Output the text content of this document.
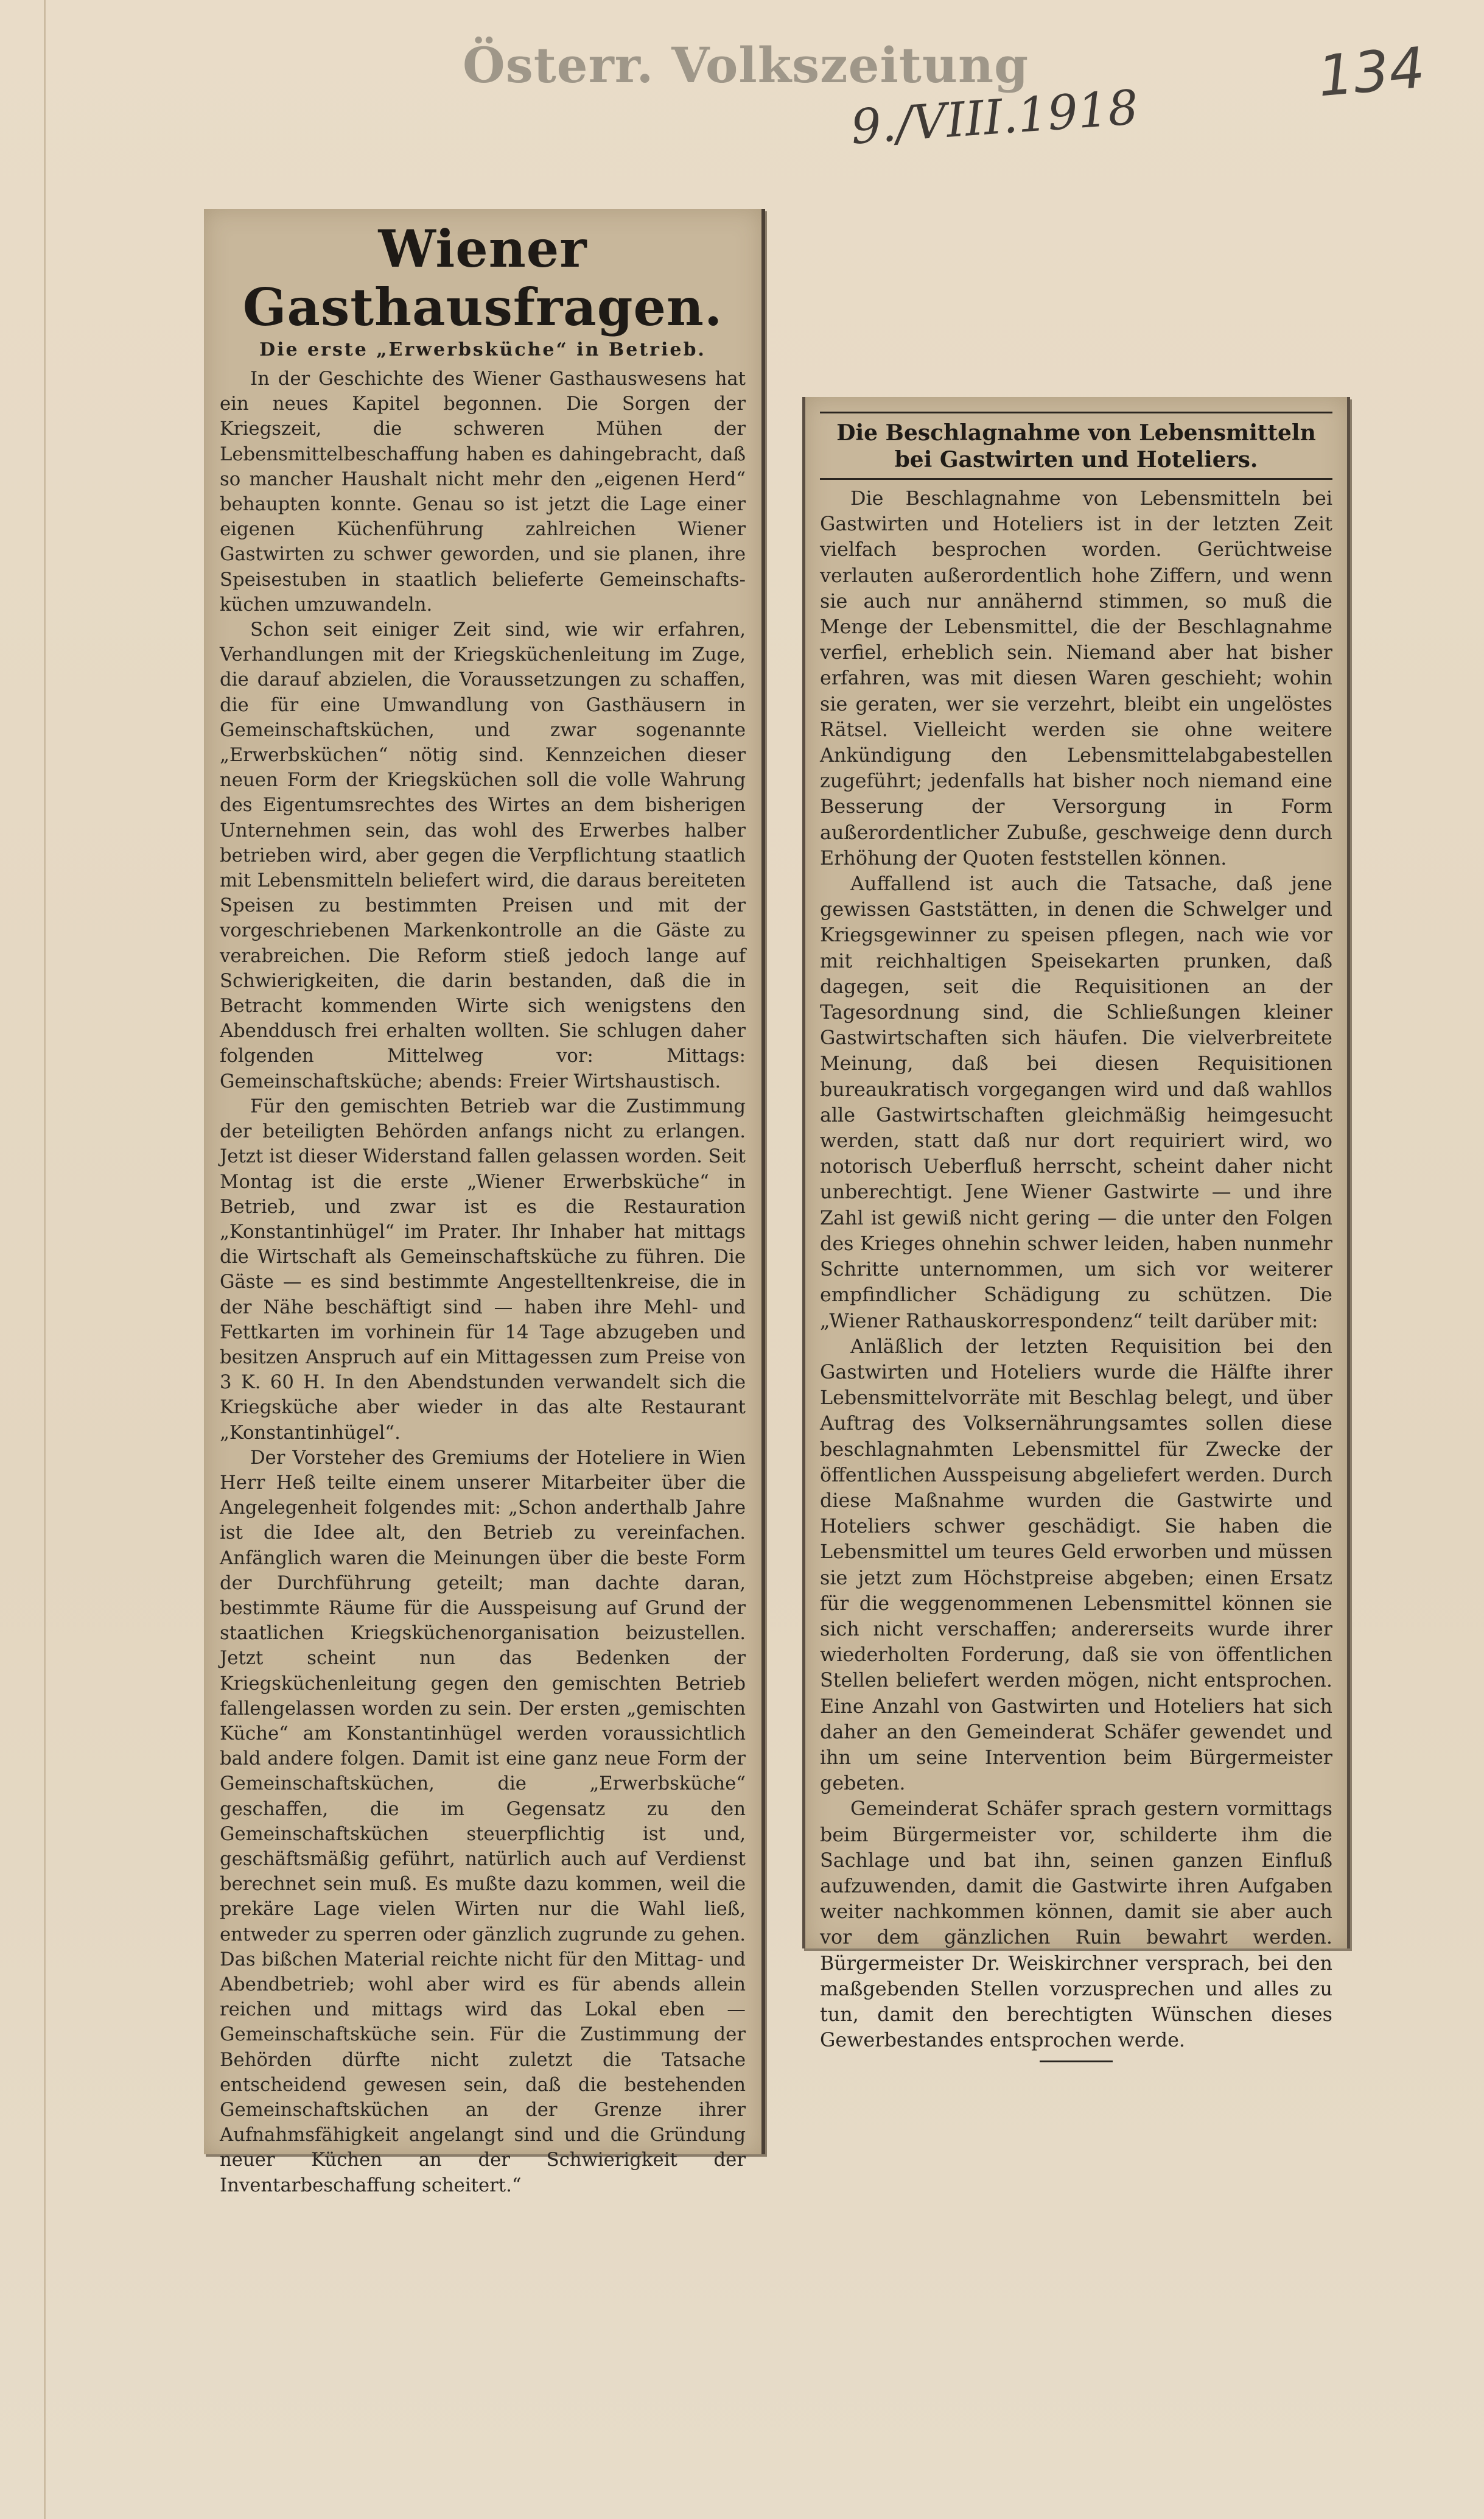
Österr. Volkszeitung
9./VIII.1918
134
Wiener Gasthausfragen.
Die erste „Erwerbsküche“ in Betrieb.

In der Geschichte des Wiener Gasthauswesens hat ein neues Kapitel begonnen. Die Sorgen der Kriegszeit, die schweren Mühen der Lebensmittelbeschaffung haben es dahingebracht, daß so mancher Haushalt nicht mehr den „eigenen Herd“ behaupten konnte. Genau so ist jetzt die Lage einer eigenen Küchenführung zahlreichen Wiener Gastwirten zu schwer geworden, und sie planen, ihre Speisestuben in staatlich belieferte Gemeinschaftsküchen umzuwandeln.

Schon seit einiger Zeit sind, wie wir erfahren, Verhandlungen mit der Kriegsküchenleitung im Zuge, die darauf abzielen, die Voraussetzungen zu schaffen, die für eine Umwandlung von Gasthäusern in Gemeinschaftsküchen, und zwar sogenannte „Erwerbsküchen“ nötig sind. Kennzeichen dieser neuen Form der Kriegsküchen soll die volle Wahrung des Eigentumsrechtes des Wirtes an dem bisherigen Unternehmen sein, das wohl des Erwerbes halber betrieben wird, aber gegen die Verpflichtung staatlich mit Lebensmitteln beliefert wird, die daraus bereiteten Speisen zu bestimmten Preisen und mit der vorgeschriebenen Markenkontrolle an die Gäste zu verabreichen. Die Reform stieß jedoch lange auf Schwierigkeiten, die darin bestanden, daß die in Betracht kommenden Wirte sich wenigstens den Abenddusch frei erhalten wollten. Sie schlugen daher folgenden Mittelweg vor: Mittags: Gemeinschaftsküche; abends: Freier Wirtshaustisch.

Für den gemischten Betrieb war die Zustimmung der beteiligten Behörden anfangs nicht zu erlangen. Jetzt ist dieser Widerstand fallen gelassen worden. Seit Montag ist die erste „Wiener Erwerbsküche“ in Betrieb, und zwar ist es die Restauration „Konstantinhügel“ im Prater. Ihr Inhaber hat mittags die Wirtschaft als Gemeinschaftsküche zu führen. Die Gäste — es sind bestimmte Angestelltenkreise, die in der Nähe beschäftigt sind — haben ihre Mehl- und Fettkarten im vorhinein für 14 Tage abzugeben und besitzen Anspruch auf ein Mittagessen zum Preise von 3 K. 60 H. In den Abendstunden verwandelt sich die Kriegsküche aber wieder in das alte Restaurant „Konstantinhügel“.

Der Vorsteher des Gremiums der Hoteliere in Wien Herr Heß teilte einem unserer Mitarbeiter über die Angelegenheit folgendes mit: „Schon anderthalb Jahre ist die Idee alt, den Betrieb zu vereinfachen. Anfänglich waren die Meinungen über die beste Form der Durchführung geteilt; man dachte daran, bestimmte Räume für die Ausspeisung auf Grund der staatlichen Kriegsküchenorganisation beizustellen. Jetzt scheint nun das Bedenken der Kriegsküchenleitung gegen den gemischten Betrieb fallengelassen worden zu sein. Der ersten „gemischten Küche“ am Konstantinhügel werden voraussichtlich bald andere folgen. Damit ist eine ganz neue Form der Gemeinschaftsküchen, die „Erwerbsküche“ geschaffen, die im Gegensatz zu den Gemeinschaftsküchen steuerpflichtig ist und, geschäftsmäßig geführt, natürlich auch auf Verdienst berechnet sein muß. Es mußte dazu kommen, weil die prekäre Lage vielen Wirten nur die Wahl ließ, entweder zu sperren oder gänzlich zugrunde zu gehen. Das bißchen Material reichte nicht für den Mittag- und Abendbetrieb; wohl aber wird es für abends allein reichen und mittags wird das Lokal eben — Gemeinschaftsküche sein. Für die Zustimmung der Behörden dürfte nicht zuletzt die Tatsache entscheidend gewesen sein, daß die bestehenden Gemeinschaftsküchen an der Grenze ihrer Aufnahmsfähigkeit angelangt sind und die Gründung neuer Küchen an der Schwierigkeit der Inventarbeschaffung scheitert.“

Die Beschlagnahme von Lebensmitteln bei Gastwirten und Hoteliers.

Die Beschlagnahme von Lebensmitteln bei Gastwirten und Hoteliers ist in der letzten Zeit vielfach besprochen worden. Gerüchtweise verlauten außerordentlich hohe Ziffern, und wenn sie auch nur annähernd stimmen, so muß die Menge der Lebensmittel, die der Beschlagnahme verfiel, erheblich sein. Niemand aber hat bisher erfahren, was mit diesen Waren geschieht; wohin sie geraten, wer sie verzehrt, bleibt ein ungelöstes Rätsel. Vielleicht werden sie ohne weitere Ankündigung den Lebensmittelabgabestellen zugeführt; jedenfalls hat bisher noch niemand eine Besserung der Versorgung in Form außerordentlicher Zubuße, geschweige denn durch Erhöhung der Quoten feststellen können.

Auffallend ist auch die Tatsache, daß jene gewissen Gaststätten, in denen die Schwelger und Kriegsgewinner zu speisen pflegen, nach wie vor mit reichhaltigen Speisekarten prunken, daß dagegen, seit die Requisitionen an der Tagesordnung sind, die Schließungen kleiner Gastwirtschaften sich häufen. Die vielverbreitete Meinung, daß bei diesen Requisitionen bureaukratisch vorgegangen wird und daß wahllos alle Gastwirtschaften gleichmäßig heimgesucht werden, statt daß nur dort requiriert wird, wo notorisch Ueberfluß herrscht, scheint daher nicht unberechtigt. Jene Wiener Gastwirte — und ihre Zahl ist gewiß nicht gering — die unter den Folgen des Krieges ohnehin schwer leiden, haben nunmehr Schritte unternommen, um sich vor weiterer empfindlicher Schädigung zu schützen. Die „Wiener Rathauskorrespondenz“ teilt darüber mit:

Anläßlich der letzten Requisition bei den Gastwirten und Hoteliers wurde die Hälfte ihrer Lebensmittelvorräte mit Beschlag belegt, und über Auftrag des Volksernährungsamtes sollen diese beschlagnahmten Lebensmittel für Zwecke der öffentlichen Ausspeisung abgeliefert werden. Durch diese Maßnahme wurden die Gastwirte und Hoteliers schwer geschädigt. Sie haben die Lebensmittel um teures Geld erworben und müssen sie jetzt zum Höchstpreise abgeben; einen Ersatz für die weggenommenen Lebensmittel können sie sich nicht verschaffen; andererseits wurde ihrer wiederholten Forderung, daß sie von öffentlichen Stellen beliefert werden mögen, nicht entsprochen. Eine Anzahl von Gastwirten und Hoteliers hat sich daher an den Gemeinderat Schäfer gewendet und ihn um seine Intervention beim Bürgermeister gebeten.

Gemeinderat Schäfer sprach gestern vormittags beim Bürgermeister vor, schilderte ihm die Sachlage und bat ihn, seinen ganzen Einfluß aufzuwenden, damit die Gastwirte ihren Aufgaben weiter nachkommen können, damit sie aber auch vor dem gänzlichen Ruin bewahrt werden. Bürgermeister Dr. Weiskirchner versprach, bei den maßgebenden Stellen vorzusprechen und alles zu tun, damit den berechtigten Wünschen dieses Gewerbestandes entsprochen werde.
